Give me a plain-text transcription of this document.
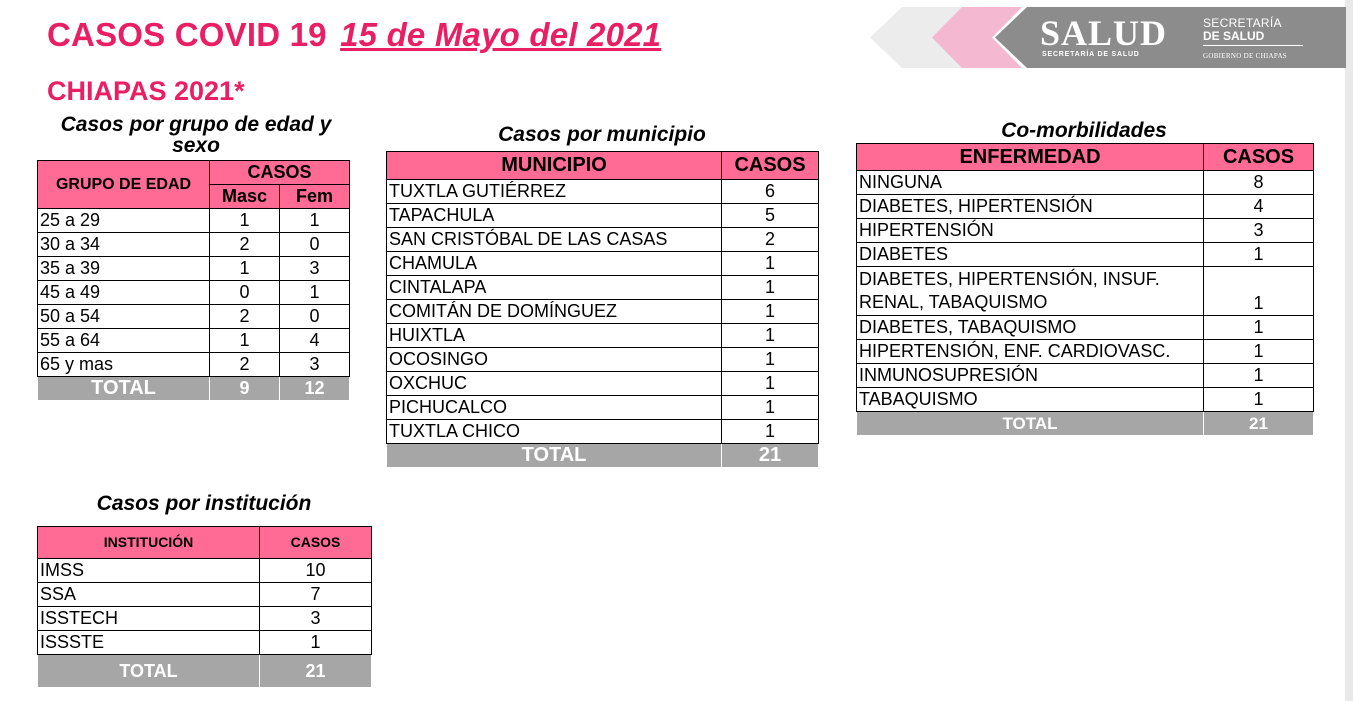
CASOS COVID 19 15 de Mayo del 2021
CHIAPAS 2021*
SALUD
SECRETARÍA DE SALUD
SECRETARÍA
DE SALUD
GOBIERNO DE CHIAPAS
Casos por grupo de edad y sexo
GRUPO DE EDAD	CASOS	
	Masc	Fem
25 a 29	1	1
30 a 34	2	0
35 a 39	1	3
45 a 49	0	1
50 a 54	2	0
55 a 64	1	4
65 y mas	2	3
TOTAL	9	12
Casos por municipio
MUNICIPIO	CASOS
TUXTLA GUTIÉRREZ	6
TAPACHULA	5
SAN CRISTÓBAL DE LAS CASAS	2
CHAMULA	1
CINTALAPA	1
COMITÁN DE DOMÍNGUEZ	1
HUIXTLA	1
OCOSINGO	1
OXCHUC	1
PICHUCALCO	1
TUXTLA CHICO	1
TOTAL	21
Co-morbilidades
ENFERMEDAD	CASOS
NINGUNA	8
DIABETES, HIPERTENSIÓN	4
HIPERTENSIÓN	3
DIABETES	1
DIABETES, HIPERTENSIÓN, INSUF. RENAL, TABAQUISMO	1
DIABETES, TABAQUISMO	1
HIPERTENSIÓN, ENF. CARDIOVASC.	1
INMUNOSUPRESIÓN	1
TABAQUISMO	1
TOTAL	21
Casos por institución
INSTITUCIÓN	CASOS
IMSS	10
SSA	7
ISSTECH	3
ISSSTE	1
TOTAL	21
